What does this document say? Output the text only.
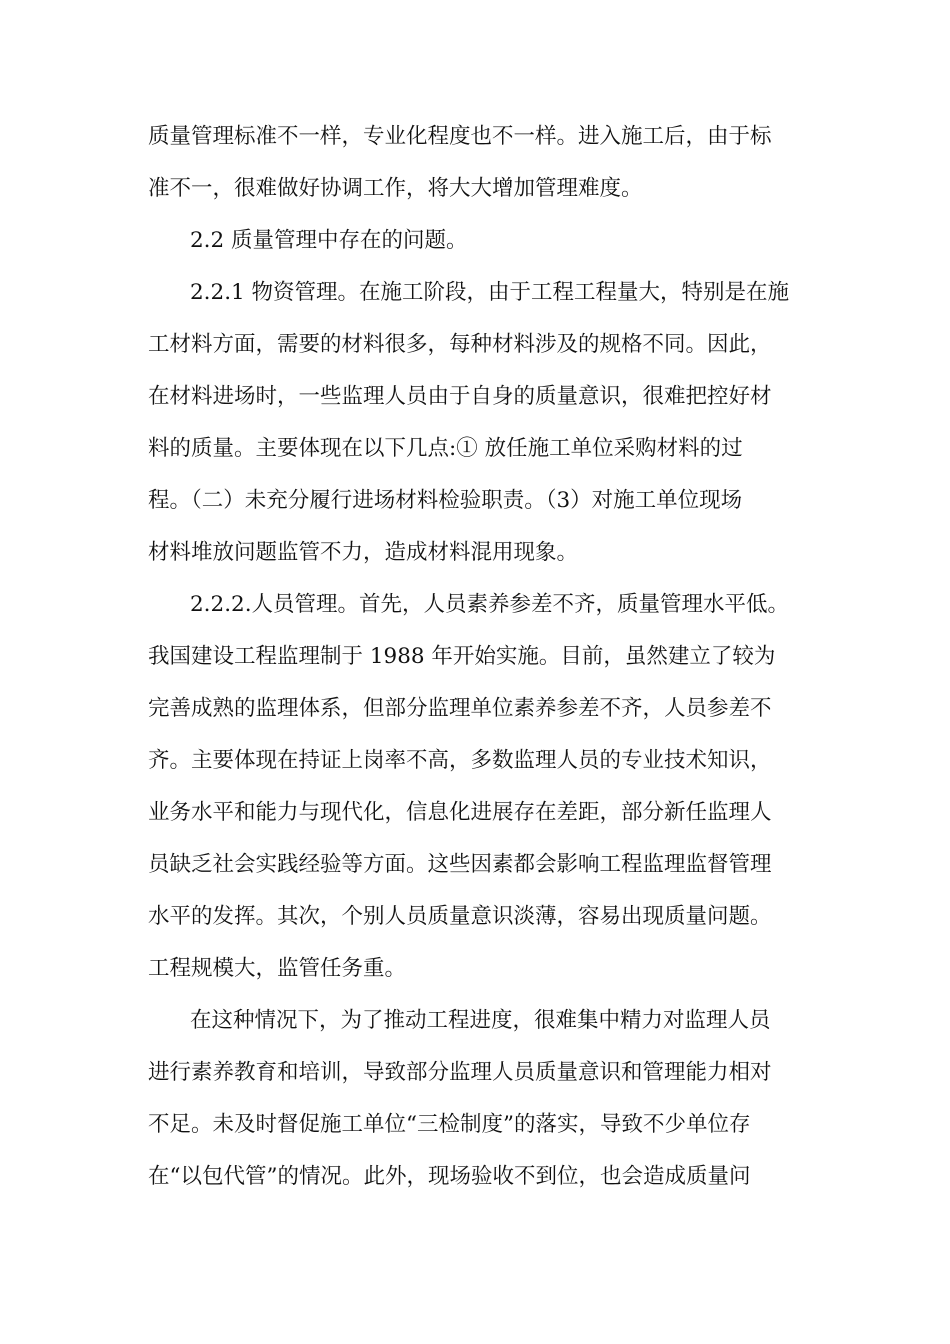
质量管理标准不一样，专业化程度也不一样。进入施工后，由于标
准不一，很难做好协调工作，将大大增加管理难度。
2.2 质量管理中存在的问题。
2.2.1 物资管理。在施工阶段，由于工程工程量大，特别是在施
工材料方面，需要的材料很多，每种材料涉及的规格不同。因此，
在材料进场时，一些监理人员由于自身的质量意识，很难把控好材
料的质量。主要体现在以下几点:① 放任施工单位采购材料的过
程。（二）未充分履行进场材料检验职责。（3）对施工单位现场
材料堆放问题监管不力，造成材料混用现象。
2.2.2.人员管理。首先，人员素养参差不齐，质量管理水平低。
我国建设工程监理制于 1988 年开始实施。目前，虽然建立了较为
完善成熟的监理体系，但部分监理单位素养参差不齐，人员参差不
齐。主要体现在持证上岗率不高，多数监理人员的专业技术知识，
业务水平和能力与现代化，信息化进展存在差距，部分新任监理人
员缺乏社会实践经验等方面。这些因素都会影响工程监理监督管理
水平的发挥。其次，个别人员质量意识淡薄，容易出现质量问题。
工程规模大，监管任务重。
在这种情况下，为了推动工程进度，很难集中精力对监理人员
进行素养教育和培训，导致部分监理人员质量意识和管理能力相对
不足。未及时督促施工单位“三检制度”的落实，导致不少单位存
在“以包代管”的情况。此外，现场验收不到位，也会造成质量问
